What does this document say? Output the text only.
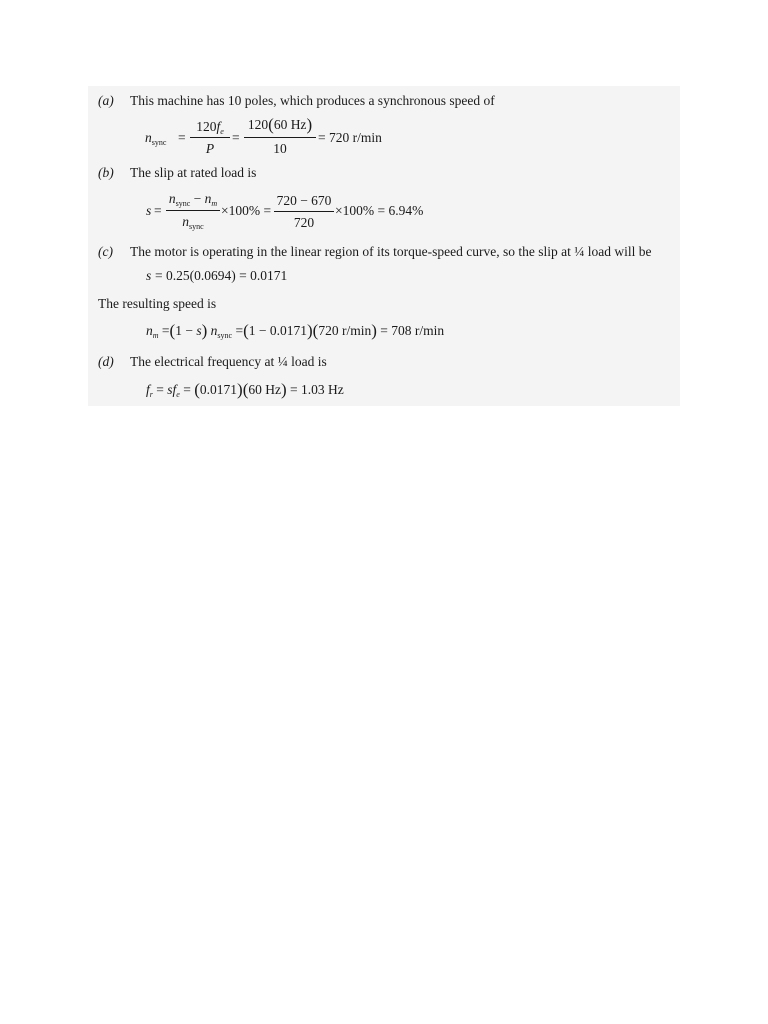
(a) This machine has 10 poles, which produces a synchronous speed of
$n_{sync}$ =
$120f_e$
P
=
120(60 Hz)
10
= 720 r/min
(b) The slip at rated load is
s =
$n_{sync} - n_m$
$n_{sync}$
×100% =
720 − 670
720
×100% = 6.94%
(c) The motor is operating in the linear region of its torque-speed curve, so the slip at ¼ load will be
s = 0.25(0.0694) = 0.0171
The resulting speed is
$n_m =(1 - s)$ $n_{sync} =(1 - 0.0171)(720$ r/min) = 708 r/min
(d) The electrical frequency at ¼ load is
$f_r = sf_e = (0.0171)(60$ Hz) = 1.03 Hz
